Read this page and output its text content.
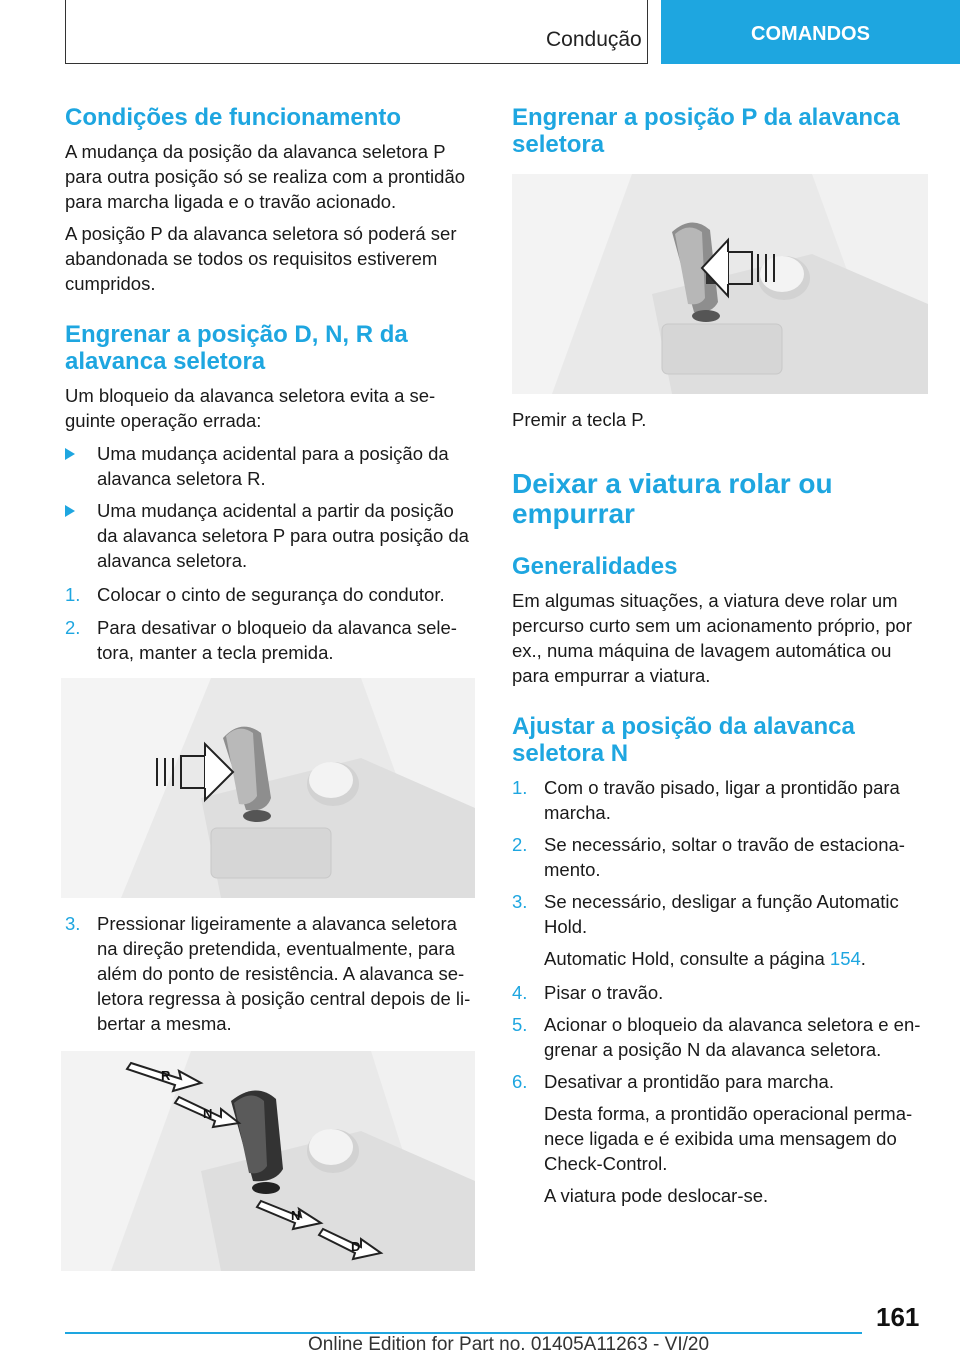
Condução	COMANDOS
Condições de funcionamento

A mudança da posição da alavanca seletora P para outra posição só se realiza com a prontidão para marcha ligada e o travão acionado.

A posição P da alavanca seletora só poderá ser abandonada se todos os requisitos estiverem cumpridos.

Engrenar a posição D, N, R da alavanca seletora

Um bloqueio da alavanca seletora evita a se-guinte operação errada:

Uma mudança acidental para a posição da alavanca seletora R.
Uma mudança acidental a partir da posição da alavanca seletora P para outra posição da alavanca seletora.
1. Colocar o cinto de segurança do condutor.
2. Para desativar o bloqueio da alavanca sele-tora, manter a tecla premida.
3. Pressionar ligeiramente a alavanca seletora na direção pretendida, eventualmente, para além do ponto de resistência. A alavanca se-letora regressa à posição central depois de li-bertar a mesma.
R
N
N
D
Engrenar a posição P da alavanca seletora

Premir a tecla P.

Deixar a viatura rolar ou empurrar
Generalidades

Em algumas situações, a viatura deve rolar um percurso curto sem um acionamento próprio, por ex., numa máquina de lavagem automática ou para empurrar a viatura.

Ajustar a posição da alavanca seletora N
1. Com o travão pisado, ligar a prontidão para marcha.
2. Se necessário, soltar o travão de estaciona-mento.
3. Se necessário, desligar a função Automatic Hold.
Automatic Hold, consulte a página 154.
4. Pisar o travão.
5. Acionar o bloqueio da alavanca seletora e en-grenar a posição N da alavanca seletora.
6. Desativar a prontidão para marcha.

Desta forma, a prontidão operacional perma-nece ligada e é exibida uma mensagem do Check-Control.

A viatura pode deslocar-se.

161
Online Edition for Part no. 01405A11263 - VI/20
